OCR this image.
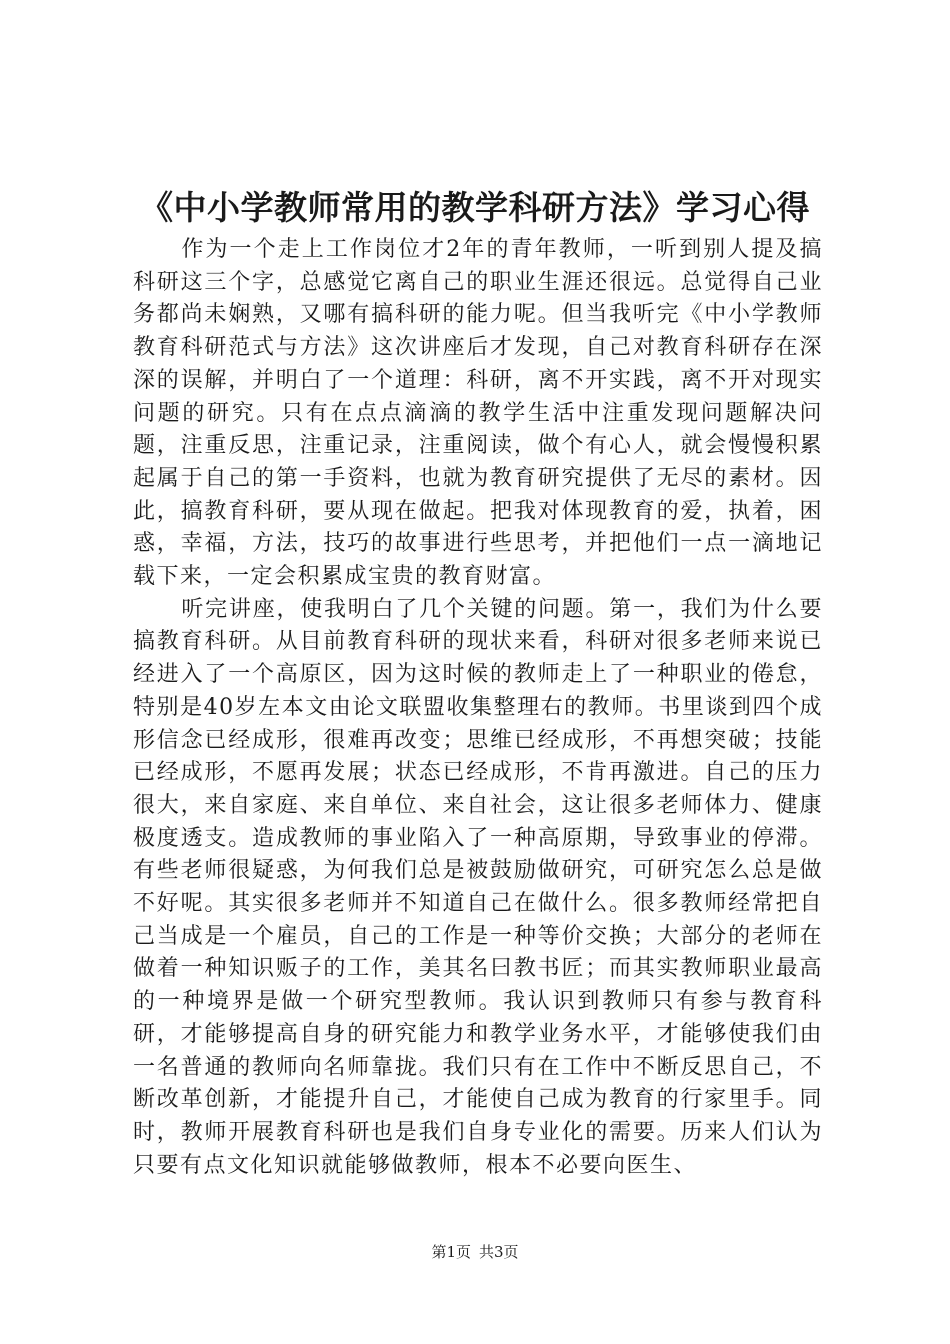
《中小学教师常用的教学科研方法》学习心得

作为一个走上工作岗位才2年的青年教师，一听到别人提及搞科研这三个字，总感觉它离自己的职业生涯还很远。总觉得自己业务都尚未娴熟，又哪有搞科研的能力呢。但当我听完《中小学教师教育科研范式与方法》这次讲座后才发现，自己对教育科研存在深深的误解，并明白了一个道理：科研，离不开实践，离不开对现实问题的研究。只有在点点滴滴的教学生活中注重发现问题解决问题，注重反思，注重记录，注重阅读，做个有心人，就会慢慢积累起属于自己的第一手资料，也就为教育研究提供了无尽的素材。因此，搞教育科研，要从现在做起。把我对体现教育的爱，执着，困惑，幸福，方法，技巧的故事进行些思考，并把他们一点一滴地记载下来，一定会积累成宝贵的教育财富。

听完讲座，使我明白了几个关键的问题。第一，我们为什么要搞教育科研。从目前教育科研的现状来看，科研对很多老师来说已经进入了一个高原区，因为这时候的教师走上了一种职业的倦怠，特别是40岁左本文由论文联盟收集整理右的教师。书里谈到四个成形信念已经成形，很难再改变；思维已经成形，不再想突破；技能已经成形，不愿再发展；状态已经成形，不肯再激进。自己的压力很大，来自家庭、来自单位、来自社会，这让很多老师体力、健康极度透支。造成教师的事业陷入了一种高原期，导致事业的停滞。有些老师很疑惑，为何我们总是被鼓励做研究，可研究怎么总是做不好呢。其实很多老师并不知道自己在做什么。很多教师经常把自己当成是一个雇员，自己的工作是一种等价交换；大部分的老师在做着一种知识贩子的工作，美其名曰教书匠；而其实教师职业最高的一种境界是做一个研究型教师。我认识到教师只有参与教育科研，才能够提高自身的研究能力和教学业务水平，才能够使我们由一名普通的教师向名师靠拢。我们只有在工作中不断反思自己，不断改革创新，才能提升自己，才能使自己成为教育的行家里手。同时，教师开展教育科研也是我们自身专业化的需要。历来人们认为只要有点文化知识就能够做教师，根本不必要向医生、

第1页 共3页
